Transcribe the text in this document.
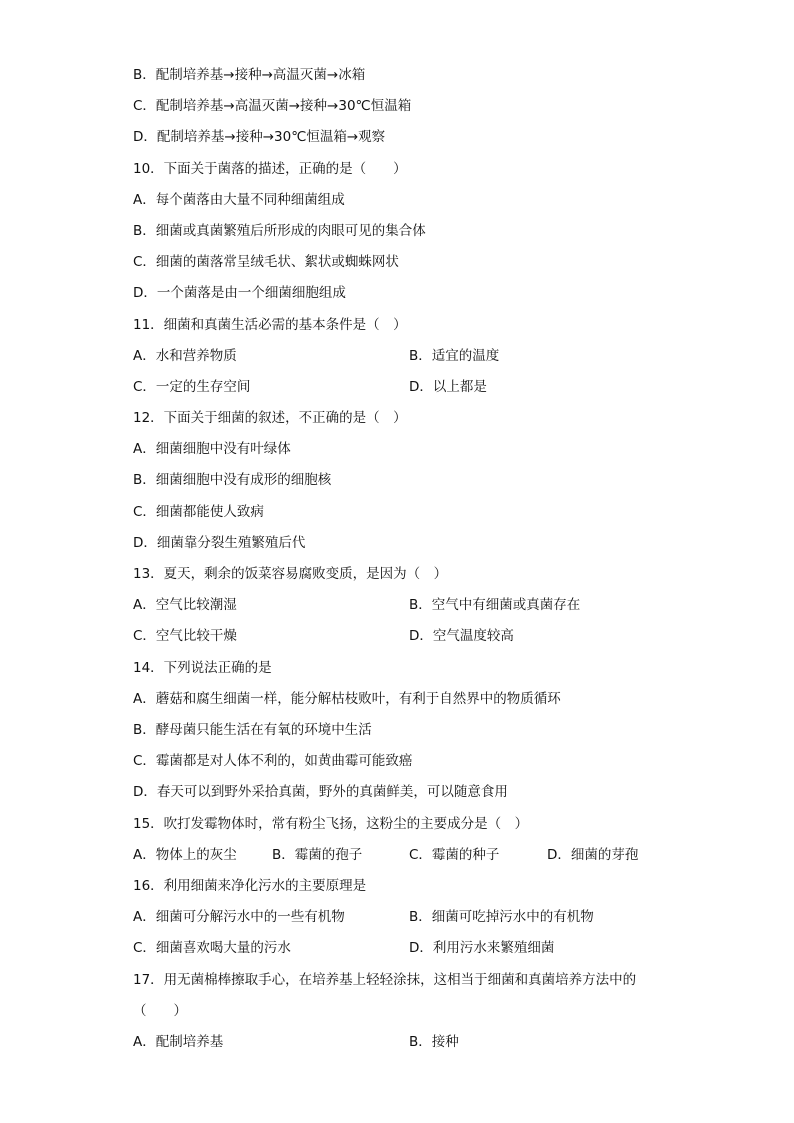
B．配制培养基→接种→高温灭菌→冰箱
C．配制培养基→高温灭菌→接种→30℃恒温箱
D．配制培养基→接种→30℃恒温箱→观察
10．下面关于菌落的描述，正确的是（　　）
A．每个菌落由大量不同种细菌组成
B．细菌或真菌繁殖后所形成的肉眼可见的集合体
C．细菌的菌落常呈绒毛状、絮状或蜘蛛网状
D．一个菌落是由一个细菌细胞组成
11．细菌和真菌生活必需的基本条件是（　）
A．水和营养物质	B．适宜的温度
C．一定的生存空间	D．以上都是
12．下面关于细菌的叙述，不正确的是（　）
A．细菌细胞中没有叶绿体
B．细菌细胞中没有成形的细胞核
C．细菌都能使人致病
D．细菌靠分裂生殖繁殖后代
13．夏天，剩余的饭菜容易腐败变质，是因为（　）
A．空气比较潮湿	B．空气中有细菌或真菌存在
C．空气比较干燥	D．空气温度较高
14．下列说法正确的是
A．蘑菇和腐生细菌一样，能分解枯枝败叶，有利于自然界中的物质循环
B．酵母菌只能生活在有氧的环境中生活
C．霉菌都是对人体不利的，如黄曲霉可能致癌
D．春天可以到野外采拾真菌，野外的真菌鲜美，可以随意食用
15．吹打发霉物体时，常有粉尘飞扬，这粉尘的主要成分是（　）
A．物体上的灰尘	B．霉菌的孢子	C．霉菌的种子	D．细菌的芽孢
16．利用细菌来净化污水的主要原理是
A．细菌可分解污水中的一些有机物	B．细菌可吃掉污水中的有机物
C．细菌喜欢喝大量的污水	D．利用污水来繁殖细菌
17．用无菌棉棒擦取手心，在培养基上轻轻涂抹，这相当于细菌和真菌培养方法中的
（　　）
A．配制培养基	B．接种
